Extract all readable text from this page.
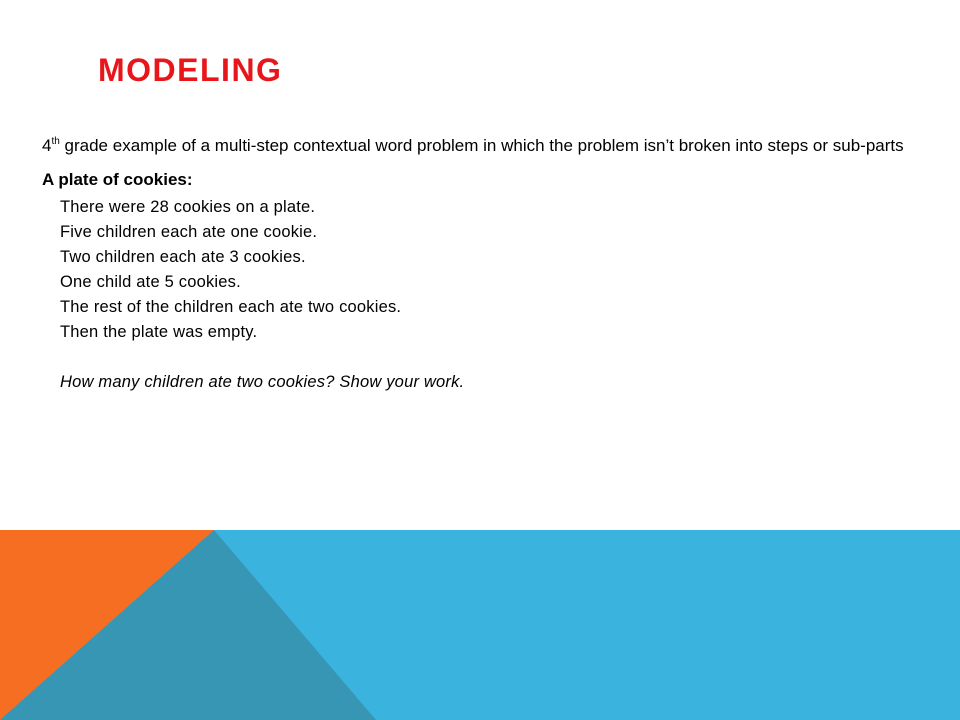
MODELING

4th grade example of a multi-step contextual word problem in which the problem isn’t broken into steps or sub-parts

A plate of cookies:

There were 28 cookies on a plate.
Five children each ate one cookie.
Two children each ate 3 cookies.
One child ate 5 cookies.
The rest of the children each ate two cookies.
Then the plate was empty.
How many children ate two cookies? Show your work.
